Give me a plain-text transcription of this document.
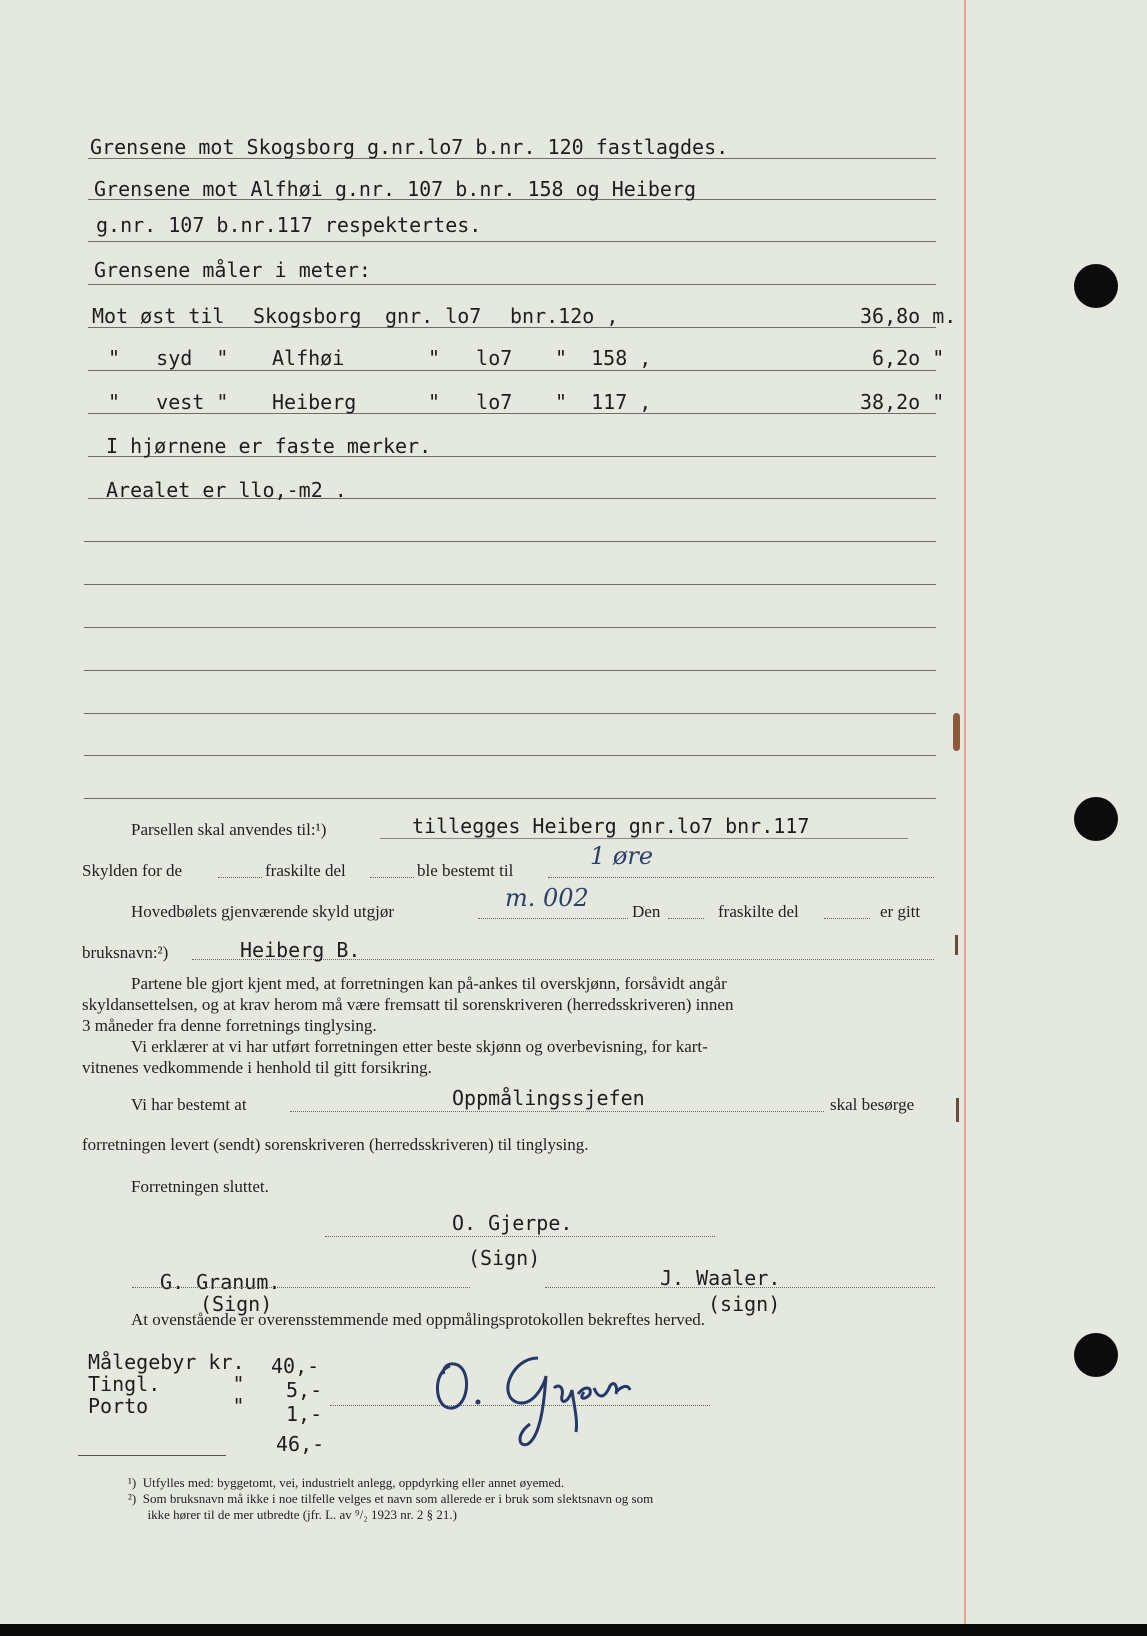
Grensene mot Skogsborg g.nr.lo7 b.nr. 120 fastlagdes.
Grensene mot Alfhøi g.nr. 107 b.nr. 158 og Heiberg
g.nr. 107 b.nr.117 respektertes.
Grensene måler i meter:
Mot øst til Skogsborg gnr. lo7 bnr.12o ,	36,8o m.
"   syd  " Alfhøi	"   lo7 "  158 ,	6,2o "
"   vest " Heiberg	"   lo7 "  117 ,	38,2o "
I hjørnene er faste merker.
Arealet er llo,-m2 .
Parsellen skal anvendes til:¹)	tillegges Heiberg gnr.lo7 bnr.117
Skylden for de	fraskilte del	ble bestemt til
1 øre
Hovedbølets gjenværende skyld utgjør	m. 002	Den	fraskilte del	er gitt
bruksnavn:²)	Heiberg B.
Partene ble gjort kjent med, at forretningen kan på-ankes til overskjønn, forsåvidt angår
skyldansettelsen, og at krav herom må være fremsatt til sorenskriveren (herredsskriveren) innen
3 måneder fra denne forretnings tinglysing.
Vi erklærer at vi har utført forretningen etter beste skjønn og overbevisning, for kart-
vitnenes vedkommende i henhold til gitt forsikring.
Vi har bestemt at	Oppmålingssjefen	skal besørge
forretningen levert (sendt) sorenskriveren (herredsskriveren) til tinglysing.
Forretningen sluttet.
O. Gjerpe.
(Sign)
G. Granum.
(Sign)
J. Waaler.
(sign)
At ovenstående er overensstemmende med oppmålingsprotokollen bekreftes herved.
Målegebyr kr. 40,-
Tingl.      " 5,-
Porto       " 1,-
46,-
¹)  Utfylles med: byggetomt, vei, industrielt anlegg, oppdyrking eller annet øyemed.
²)  Som bruksnavn må ikke i noe tilfelle velges et navn som allerede er i bruk som slektsnavn og som
ikke hører til de mer utbredte (jfr. L. av ⁹/₂ 1923 nr. 2 § 21.)
